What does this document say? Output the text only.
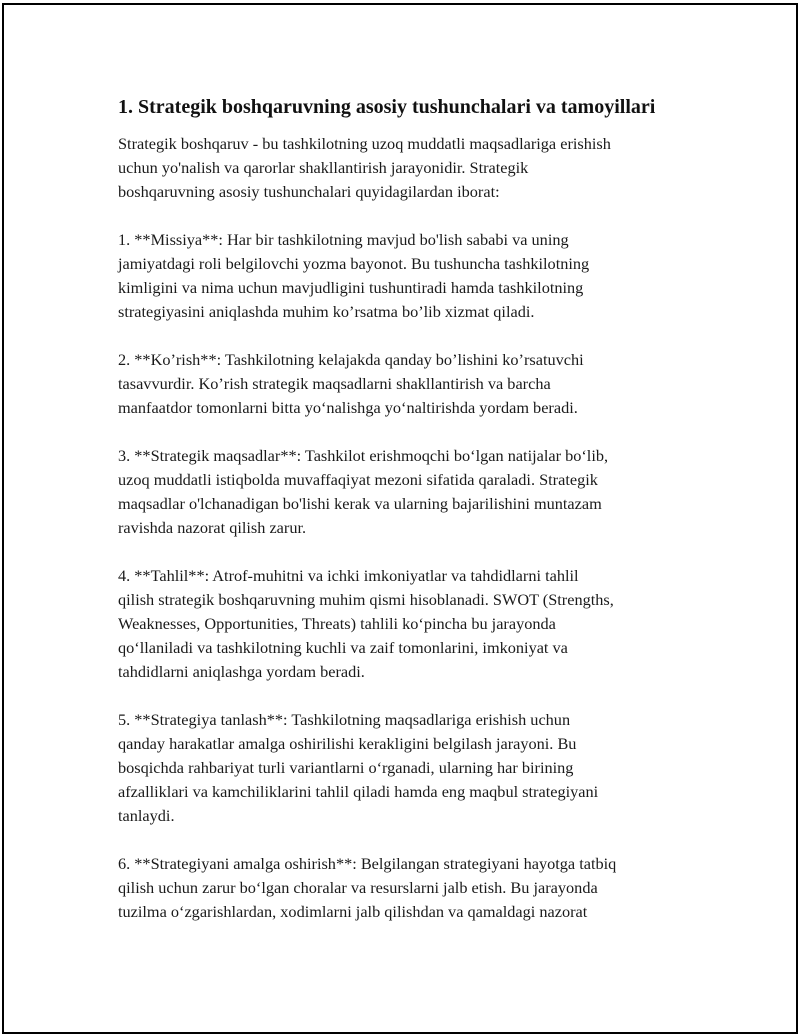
1. Strategik boshqaruvning asosiy tushunchalari va tamoyillari

Strategik boshqaruv - bu tashkilotning uzoq muddatli maqsadlariga erishish
uchun yo'nalish va qarorlar shakllantirish jarayonidir. Strategik
boshqaruvning asosiy tushunchalari quyidagilardan iborat:

1. **Missiya**: Har bir tashkilotning mavjud bo'lish sababi va uning
jamiyatdagi roli belgilovchi yozma bayonot. Bu tushuncha tashkilotning
kimligini va nima uchun mavjudligini tushuntiradi hamda tashkilotning
strategiyasini aniqlashda muhim ko’rsatma bo’lib xizmat qiladi.

2. **Ko’rish**: Tashkilotning kelajakda qanday bo’lishini ko’rsatuvchi
tasavvurdir. Ko’rish strategik maqsadlarni shakllantirish va barcha
manfaatdor tomonlarni bitta yo‘nalishga yo‘naltirishda yordam beradi.

3. **Strategik maqsadlar**: Tashkilot erishmoqchi bo‘lgan natijalar bo‘lib,
uzoq muddatli istiqbolda muvaffaqiyat mezoni sifatida qaraladi. Strategik
maqsadlar o'lchanadigan bo'lishi kerak va ularning bajarilishini muntazam
ravishda nazorat qilish zarur.

4. **Tahlil**: Atrof-muhitni va ichki imkoniyatlar va tahdidlarni tahlil
qilish strategik boshqaruvning muhim qismi hisoblanadi. SWOT (Strengths,
Weaknesses, Opportunities, Threats) tahlili ko‘pincha bu jarayonda
qo‘llaniladi va tashkilotning kuchli va zaif tomonlarini, imkoniyat va
tahdidlarni aniqlashga yordam beradi.

5. **Strategiya tanlash**: Tashkilotning maqsadlariga erishish uchun
qanday harakatlar amalga oshirilishi kerakligini belgilash jarayoni. Bu
bosqichda rahbariyat turli variantlarni o‘rganadi, ularning har birining
afzalliklari va kamchiliklarini tahlil qiladi hamda eng maqbul strategiyani
tanlaydi.

6. **Strategiyani amalga oshirish**: Belgilangan strategiyani hayotga tatbiq
qilish uchun zarur bo‘lgan choralar va resurslarni jalb etish. Bu jarayonda
tuzilma o‘zgarishlardan, xodimlarni jalb qilishdan va qamaldagi nazorat
